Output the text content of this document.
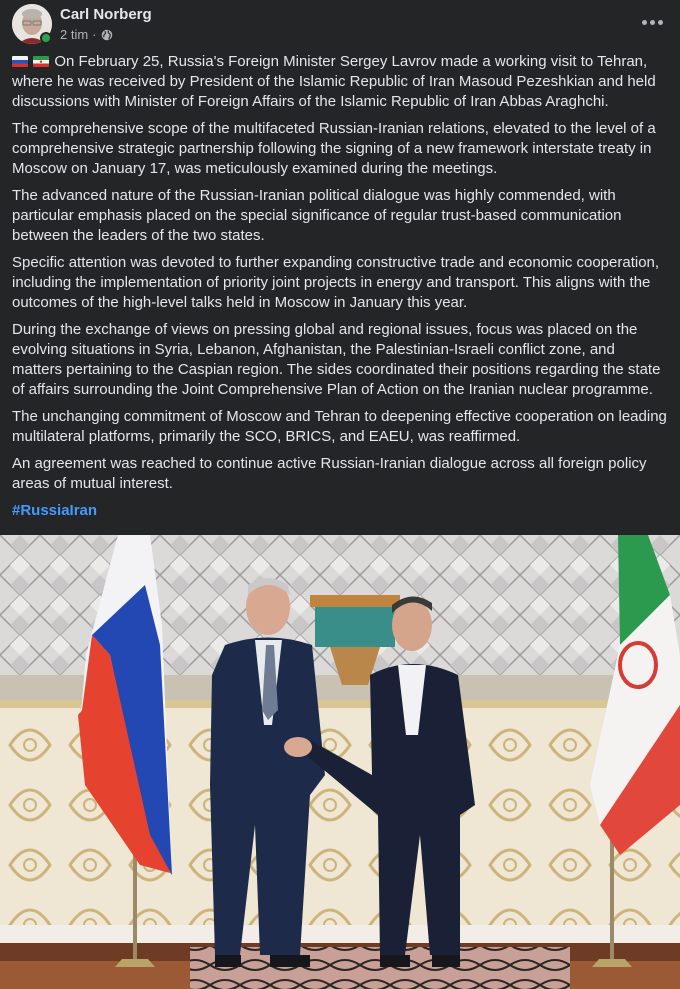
Carl Norberg
2 tim ·

On February 25, Russia's Foreign Minister Sergey Lavrov made a working visit to Tehran, where he was received by President of the Islamic Republic of Iran Masoud Pezeshkian and held discussions with Minister of Foreign Affairs of the Islamic Republic of Iran Abbas Araghchi.

The comprehensive scope of the multifaceted Russian-Iranian relations, elevated to the level of a comprehensive strategic partnership following the signing of a new framework interstate treaty in Moscow on January 17, was meticulously examined during the meetings.

The advanced nature of the Russian-Iranian political dialogue was highly commended, with particular emphasis placed on the special significance of regular trust-based communication between the leaders of the two states.

Specific attention was devoted to further expanding constructive trade and economic cooperation, including the implementation of priority joint projects in energy and transport. This aligns with the outcomes of the high-level talks held in Moscow in January this year.

During the exchange of views on pressing global and regional issues, focus was placed on the evolving situations in Syria, Lebanon, Afghanistan, the Palestinian-Israeli conflict zone, and matters pertaining to the Caspian region. The sides coordinated their positions regarding the state of affairs surrounding the Joint Comprehensive Plan of Action on the Iranian nuclear programme.

The unchanging commitment of Moscow and Tehran to deepening effective cooperation on leading multilateral platforms, primarily the SCO, BRICS, and EAEU, was reaffirmed.

An agreement was reached to continue active Russian-Iranian dialogue across all foreign policy areas of mutual interest.

#RussiaIran
